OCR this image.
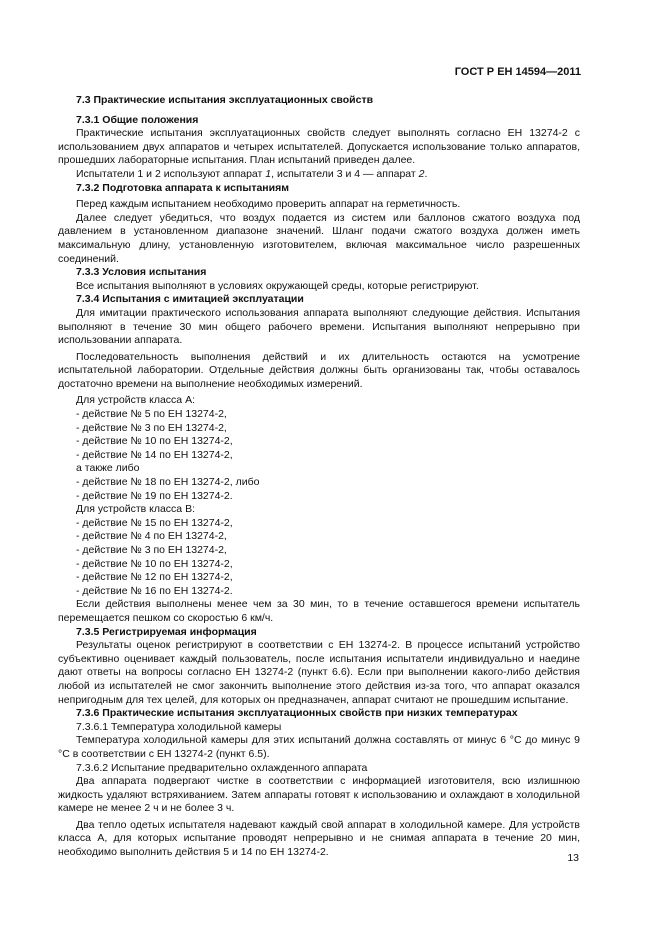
ГОСТ Р ЕН 14594—2011
7.3 Практические испытания эксплуатационных свойств
7.3.1 Общие положения

Практические испытания эксплуатационных свойств следует выполнять согласно ЕН 13274-2 с использованием двух аппаратов и четырех испытателей. Допускается использование только аппаратов, прошедших лабораторные испытания. План испытаний приведен далее.

Испытатели 1 и 2 используют аппарат 1, испытатели 3 и 4 — аппарат 2.

7.3.2 Подготовка аппарата к испытаниям

Перед каждым испытанием необходимо проверить аппарат на герметичность.

Далее следует убедиться, что воздух подается из систем или баллонов сжатого воздуха под давлением в установленном диапазоне значений. Шланг подачи сжатого воздуха должен иметь максимальную длину, установленную изготовителем, включая максимальное число разрешенных соединений.

7.3.3 Условия испытания

Все испытания выполняют в условиях окружающей среды, которые регистрируют.

7.3.4 Испытания с имитацией эксплуатации

Для имитации практического использования аппарата выполняют следующие действия. Испытания выполняют в течение 30 мин общего рабочего времени. Испытания выполняют непрерывно при использовании аппарата.

Последовательность выполнения действий и их длительность остаются на усмотрение испытательной лаборатории. Отдельные действия должны быть организованы так, чтобы оставалось достаточно времени на выполнение необходимых измерений.

Для устройств класса А:
- действие № 5 по ЕН 13274-2,
- действие № 3 по ЕН 13274-2,
- действие № 10 по ЕН 13274-2,
- действие № 14 по ЕН 13274-2,
а также либо
- действие № 18 по ЕН 13274-2, либо
- действие № 19 по ЕН 13274-2.
Для устройств класса В:
- действие № 15 по ЕН 13274-2,
- действие № 4 по ЕН 13274-2,
- действие № 3 по ЕН 13274-2,
- действие № 10 по ЕН 13274-2,
- действие № 12 по ЕН 13274-2,
- действие № 16 по ЕН 13274-2.

Если действия выполнены менее чем за 30 мин, то в течение оставшегося времени испытатель перемещается пешком со скоростью 6 км/ч.

7.3.5 Регистрируемая информация

Результаты оценок регистрируют в соответствии с ЕН 13274-2. В процессе испытаний устройство субъективно оценивает каждый пользователь, после испытания испытатели индивидуально и наедине дают ответы на вопросы согласно ЕН 13274-2 (пункт 6.6). Если при выполнении какого-либо действия любой из испытателей не смог закончить выполнение этого действия из-за того, что аппарат оказался непригодным для тех целей, для которых он предназначен, аппарат считают не прошедшим испытание.

7.3.6 Практические испытания эксплуатационных свойств при низких температурах
7.3.6.1 Температура холодильной камеры

Температура холодильной камеры для этих испытаний должна составлять от минус 6 °С до минус 9 °С в соответствии с ЕН 13274-2 (пункт 6.5).

7.3.6.2 Испытание предварительно охлажденного аппарата

Два аппарата подвергают чистке в соответствии с информацией изготовителя, всю излишнюю жидкость удаляют встряхиванием. Затем аппараты готовят к использованию и охлаждают в холодильной камере не менее 2 ч и не более 3 ч.

Два тепло одетых испытателя надевают каждый свой аппарат в холодильной камере. Для устройств класса А, для которых испытание проводят непрерывно и не снимая аппарата в течение 20 мин, необходимо выполнить действия 5 и 14 по ЕН 13274-2.	13
